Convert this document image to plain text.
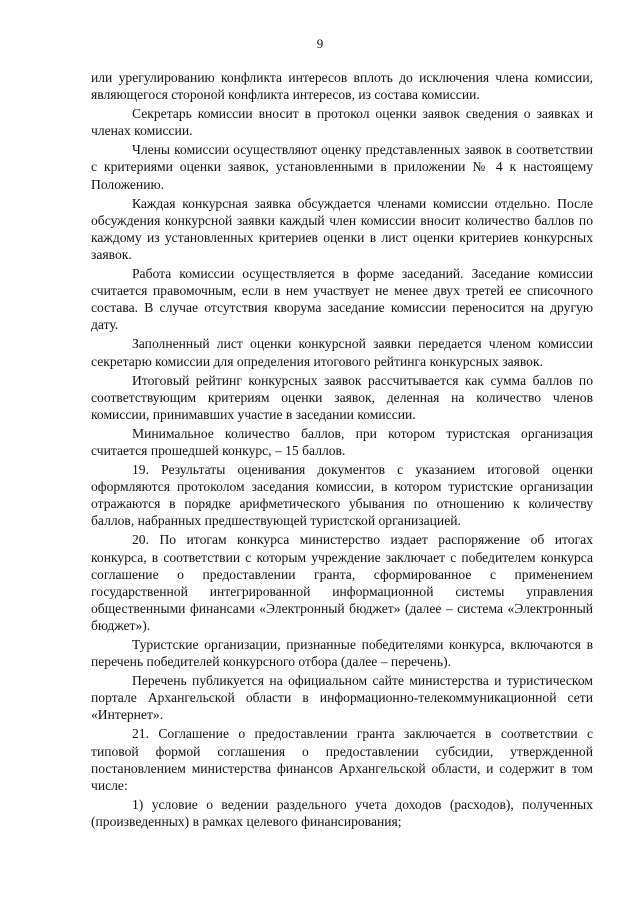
9

или урегулированию конфликта интересов вплоть до исключения члена комиссии, являющегося стороной конфликта интересов, из состава комиссии.

Секретарь комиссии вносит в протокол оценки заявок сведения о заявках и членах комиссии.

Члены комиссии осуществляют оценку представленных заявок в соответствии с критериями оценки заявок, установленными в приложении № 4 к настоящему Положению.

Каждая конкурсная заявка обсуждается членами комиссии отдельно. После обсуждения конкурсной заявки каждый член комиссии вносит количество баллов по каждому из установленных критериев оценки в лист оценки критериев конкурсных заявок.

Работа комиссии осуществляется в форме заседаний. Заседание комиссии считается правомочным, если в нем участвует не менее двух третей ее списочного состава. В случае отсутствия кворума заседание комиссии переносится на другую дату.

Заполненный лист оценки конкурсной заявки передается членом комиссии секретарю комиссии для определения итогового рейтинга конкурсных заявок.

Итоговый рейтинг конкурсных заявок рассчитывается как сумма баллов по соответствующим критериям оценки заявок, деленная на количество членов комиссии, принимавших участие в заседании комиссии.

Минимальное количество баллов, при котором туристская организация считается прошедшей конкурс, – 15 баллов.

19. Результаты оценивания документов с указанием итоговой оценки оформляются протоколом заседания комиссии, в котором туристские организации отражаются в порядке арифметического убывания по отношению к количеству баллов, набранных предшествующей туристской организацией.

20. По итогам конкурса министерство издает распоряжение об итогах конкурса, в соответствии с которым учреждение заключает с победителем конкурса соглашение о предоставлении гранта, сформированное с применением государственной интегрированной информационной системы управления общественными финансами «Электронный бюджет» (далее – система «Электронный бюджет»).

Туристские организации, признанные победителями конкурса, включаются в перечень победителей конкурсного отбора (далее – перечень).

Перечень публикуется на официальном сайте министерства и туристическом портале Архангельской области в информационно-телекоммуникационной сети «Интернет».

21. Соглашение о предоставлении гранта заключается в соответствии с типовой формой соглашения о предоставлении субсидии, утвержденной постановлением министерства финансов Архангельской области, и содержит в том числе:

1) условие о ведении раздельного учета доходов (расходов), полученных (произведенных) в рамках целевого финансирования;
